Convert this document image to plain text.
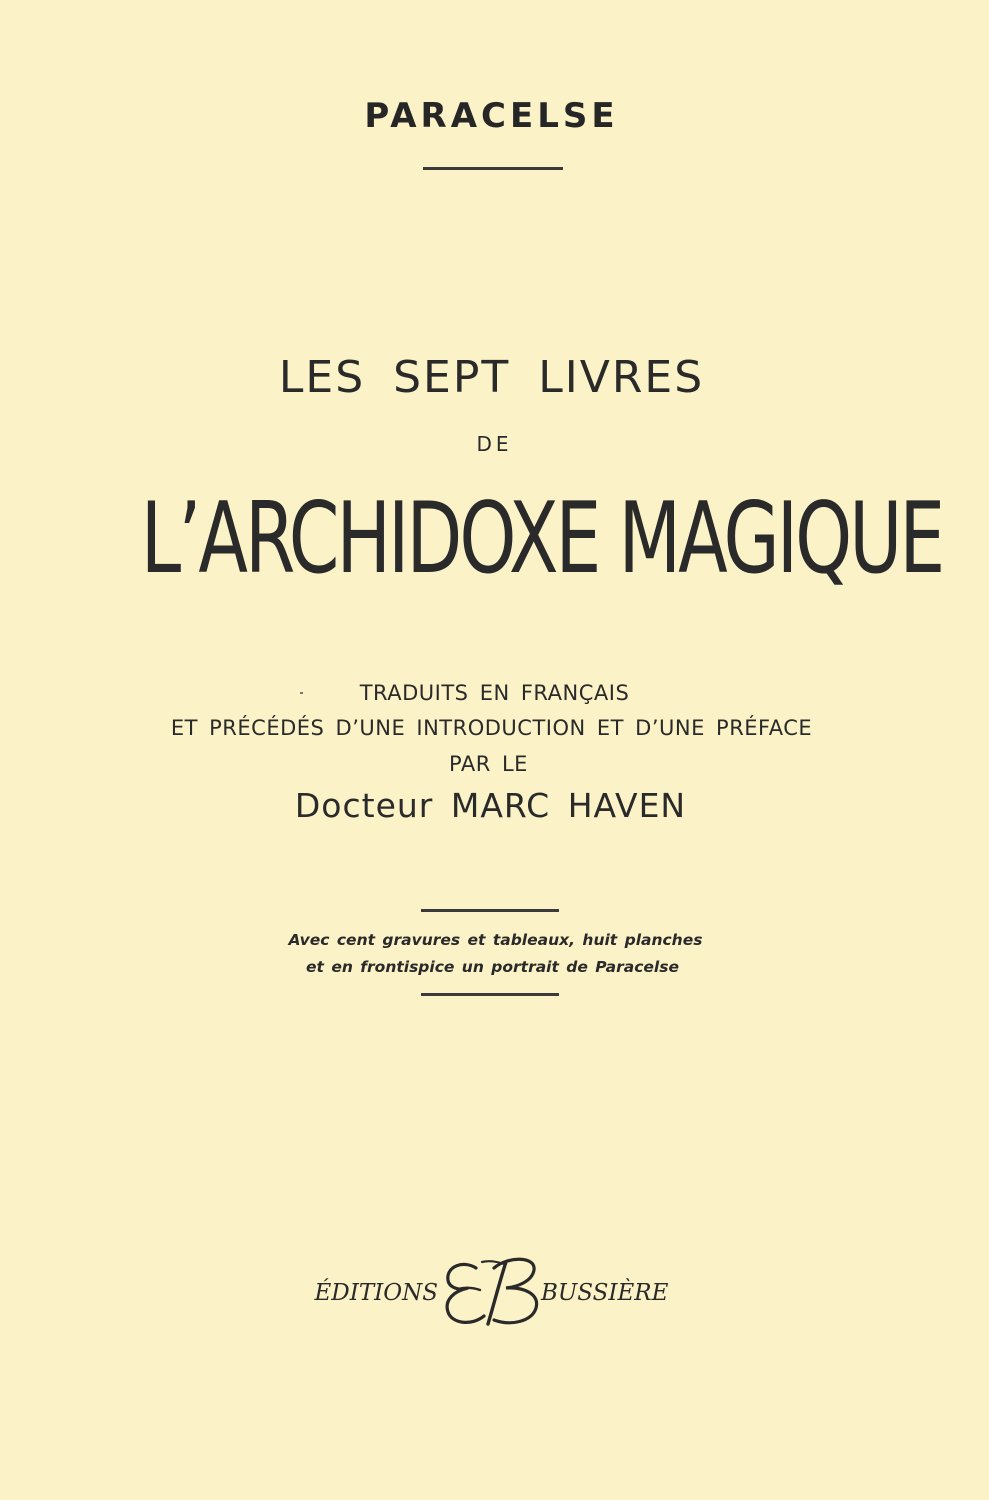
PARACELSE
LES SEPT LIVRES
DE
L’ARCHIDOXE MAGIQUE
TRADUITS EN FRANÇAIS
ET PRÉCÉDÉS D’UNE INTRODUCTION ET D’UNE PRÉFACE
PAR LE
Docteur MARC HAVEN
Avec cent gravures et tableaux, huit planches
et en frontispice un portrait de Paracelse
ÉDITIONS	BUSSIÈRE
